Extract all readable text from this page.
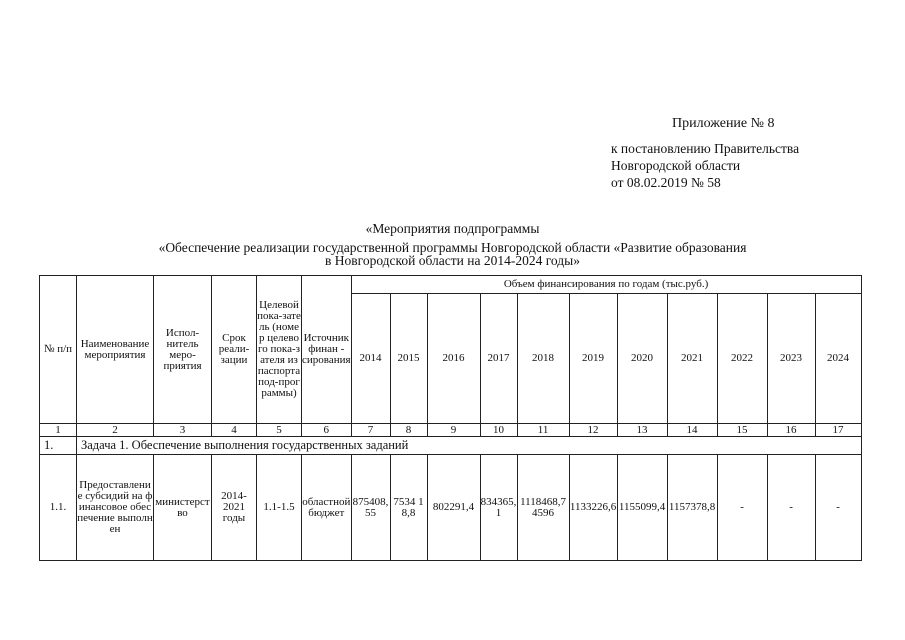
Приложение № 8
к постановлению Правительства
Новгородской области
от 08.02.2019 № 58
«Мероприятия подпрограммы
«Обеспечение реализации государственной программы Новгородской области «Развитие образования
в Новгородской области на 2014-2024 годы»
№ п/п	Наименование мероприятия	Испол-нитель меро-приятия	Срок реали-зации	Целевой пока-затель (номер целевого пока-зателя из паспорта под-программы)	Источник финан - сирования	Объем финансирования по годам (тыс.руб.)										
						2014	2015	2016	2017	2018	2019	2020	2021	2022	2023	2024
1	2	3	4	5	6	7	8	9	10	11	12	13	14	15	16	17
1.	Задача 1. Обеспечение выполнения государственных заданий															
1.1.	Предоставление субсидий на финансовое обеспечение выполнен	министерство	2014-2021 годы	1.1-1.5	областной бюджет	875408,55	7534 18,8	802291,4	834365,1	1118468,74596	1133226,6	1155099,4	1157378,8	-	-	-
